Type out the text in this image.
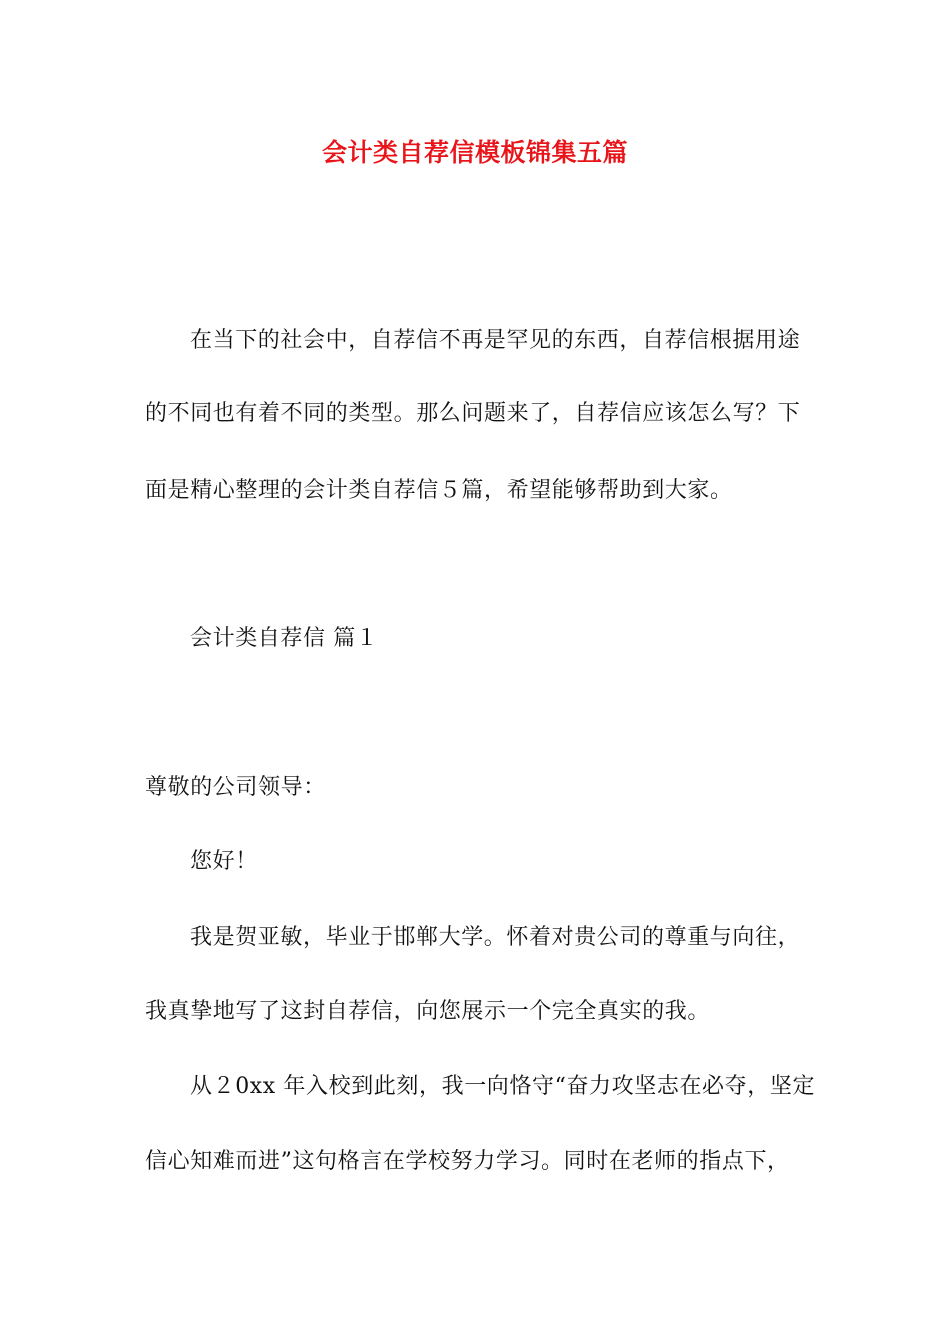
会计类自荐信模板锦集五篇
在当下的社会中，自荐信不再是罕见的东西，自荐信根据用途
的不同也有着不同的类型。那么问题来了，自荐信应该怎么写？下
面是精心整理的会计类自荐信５篇，希望能够帮助到大家。
会计类自荐信 篇１
尊敬的公司领导：
您好！
我是贺亚敏，毕业于邯郸大学。怀着对贵公司的尊重与向往，
我真挚地写了这封自荐信，向您展示一个完全真实的我。
从２0xx 年入校到此刻，我一向恪守“奋力攻坚志在必夺，坚定
信心知难而进”这句格言在学校努力学习。同时在老师的指点下，
